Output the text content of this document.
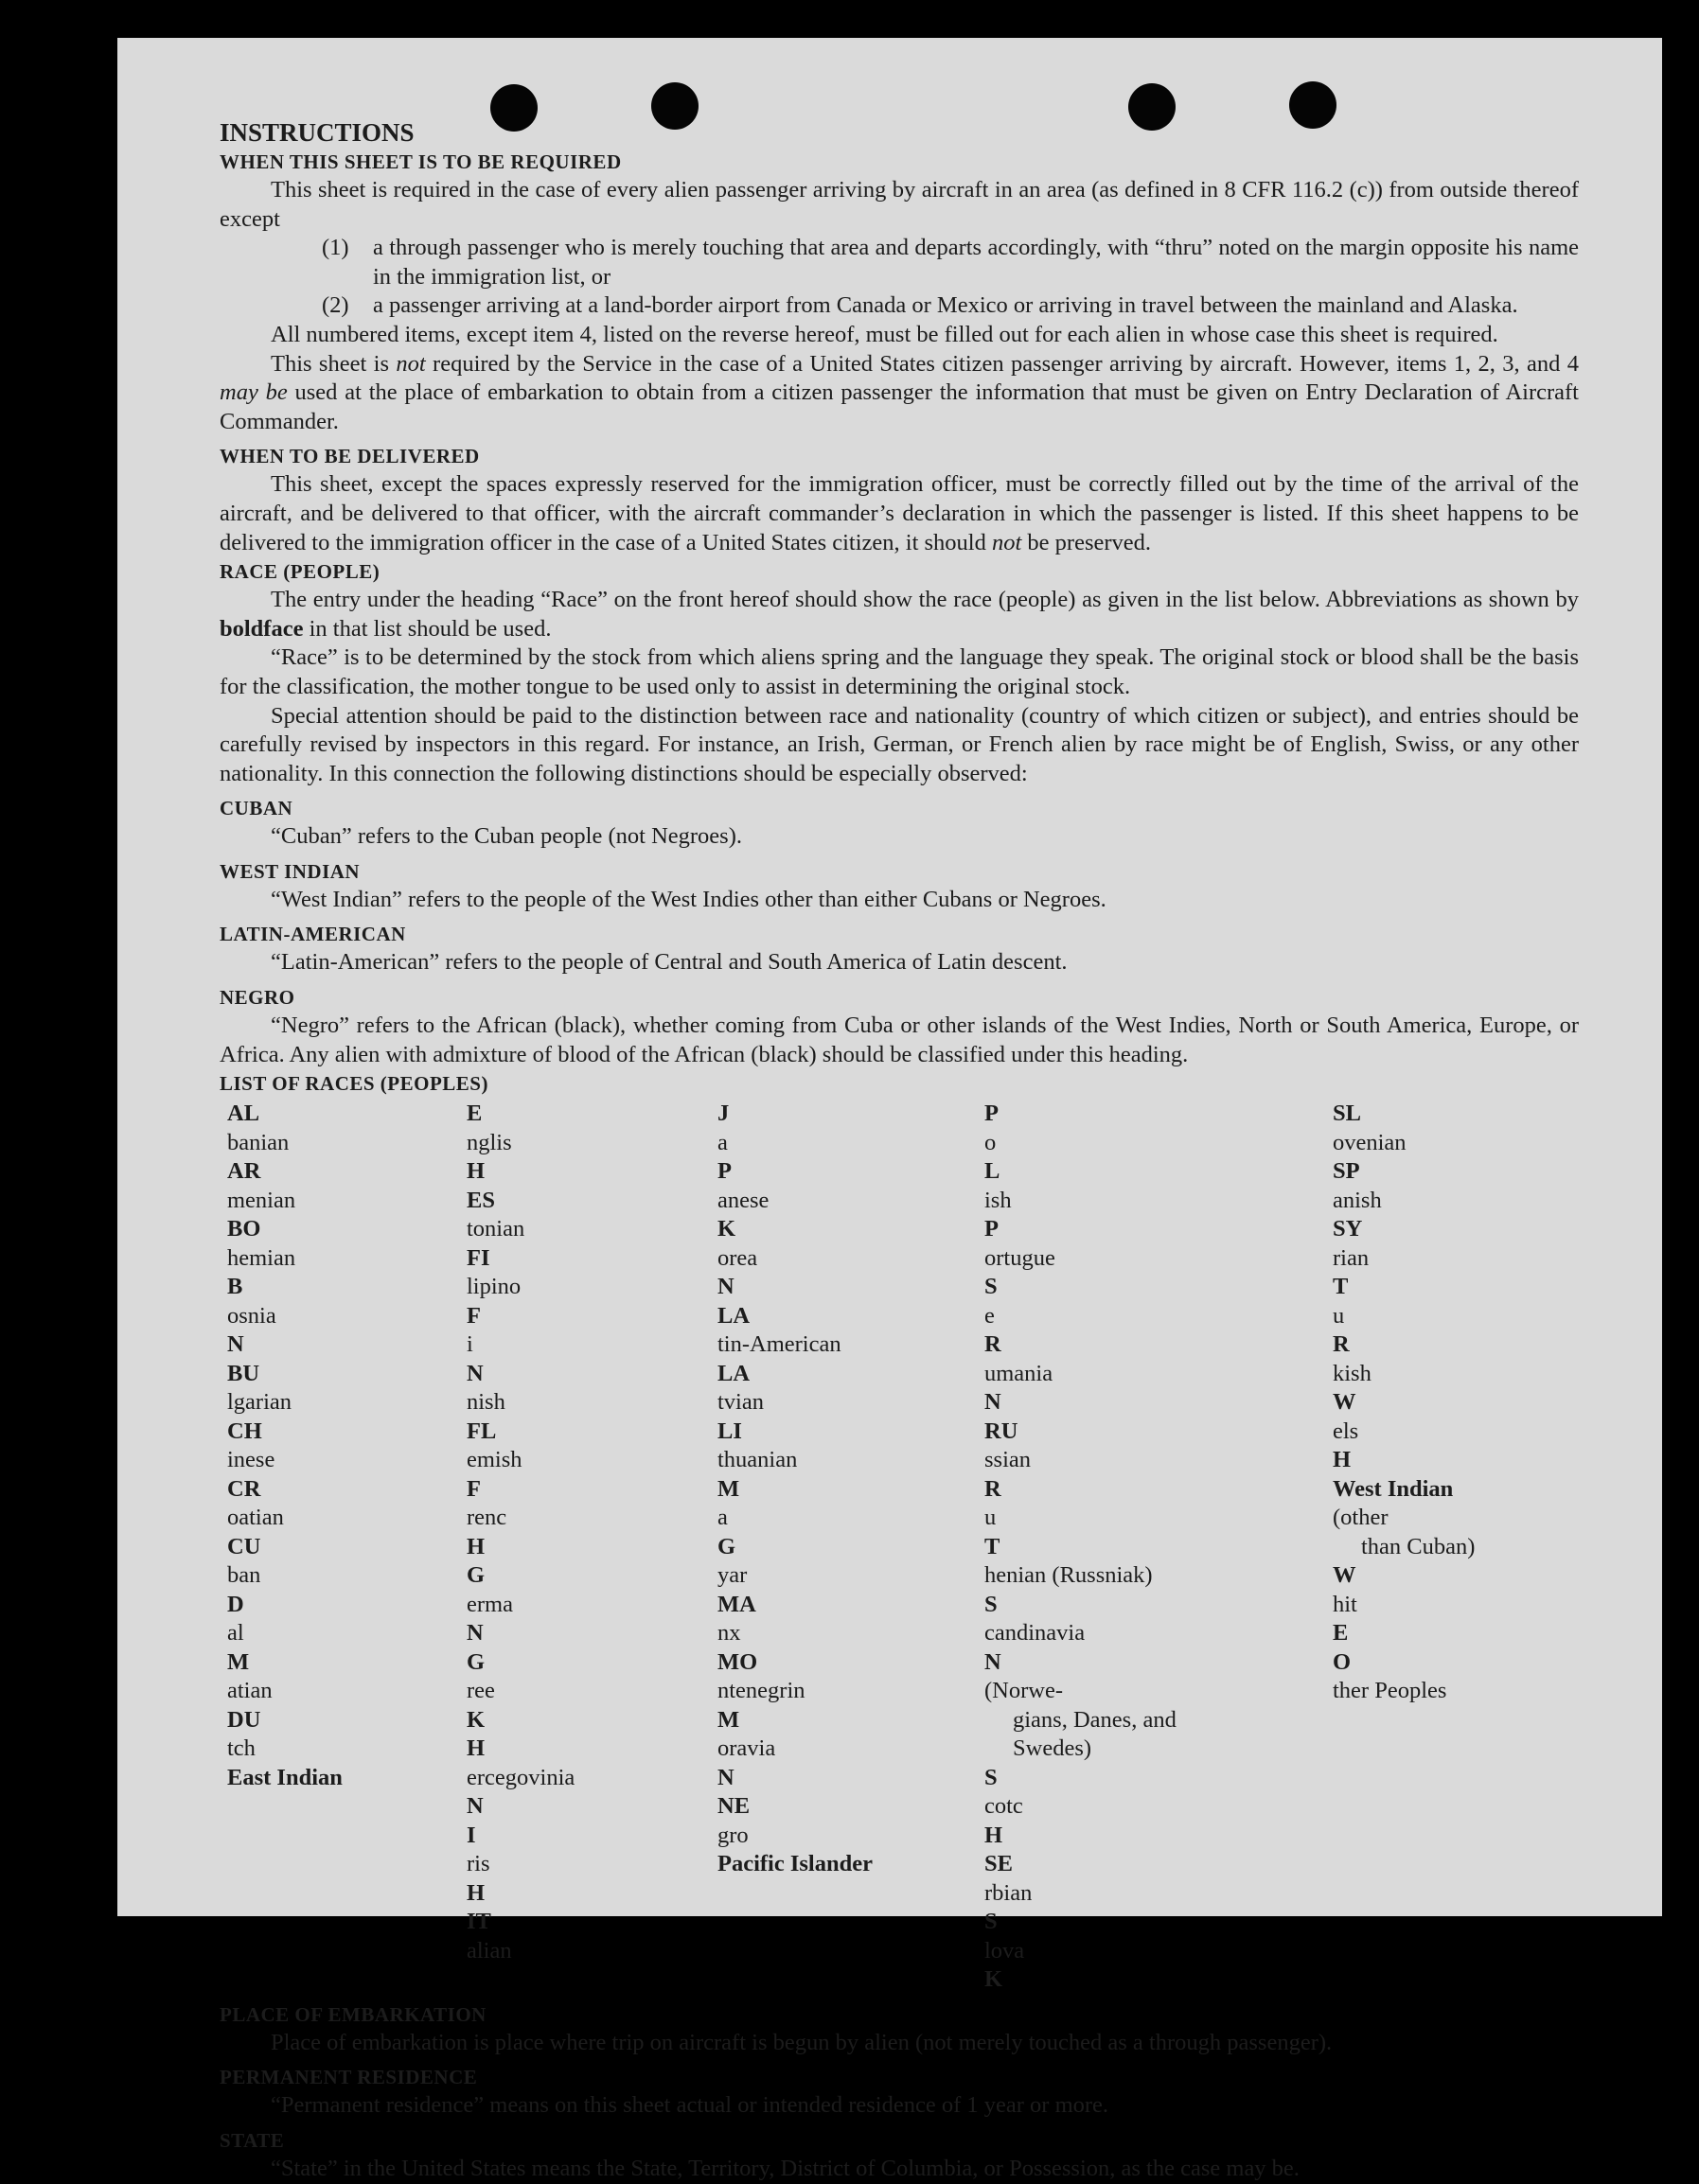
INSTRUCTIONS

WHEN THIS SHEET IS TO BE REQUIRED

This sheet is required in the case of every alien passenger arriving by aircraft in an area (as defined in 8 CFR 116.2 (c)) from outside thereof except

(1)	a through passenger who is merely touching that area and departs accordingly, with “thru” noted on the margin opposite his name in the immigration list, or
(2)	a passenger arriving at a land-border airport from Canada or Mexico or arriving in travel between the mainland and Alaska.

All numbered items, except item 4, listed on the reverse hereof, must be filled out for each alien in whose case this sheet is required.

This sheet is not required by the Service in the case of a United States citizen passenger arriving by aircraft. However, items 1, 2, 3, and 4 may be used at the place of embarkation to obtain from a citizen passenger the information that must be given on Entry Declaration of Aircraft Commander.

WHEN TO BE DELIVERED

This sheet, except the spaces expressly reserved for the immigration officer, must be correctly filled out by the time of the arrival of the aircraft, and be delivered to that officer, with the aircraft commander’s declaration in which the passenger is listed. If this sheet happens to be delivered to the immigration officer in the case of a United States citizen, it should not be preserved.

RACE (PEOPLE)

The entry under the heading “Race” on the front hereof should show the race (people) as given in the list below. Abbreviations as shown by boldface in that list should be used.

“Race” is to be determined by the stock from which aliens spring and the language they speak. The original stock or blood shall be the basis for the classification, the mother tongue to be used only to assist in determining the original stock.

Special attention should be paid to the distinction between race and nationality (country of which citizen or subject), and entries should be carefully revised by inspectors in this regard. For instance, an Irish, German, or French alien by race might be of English, Swiss, or any other nationality. In this connection the following distinctions should be especially observed:

CUBAN

“Cuban” refers to the Cuban people (not Negroes).

WEST INDIAN

“West Indian” refers to the people of the West Indies other than either Cubans or Negroes.

LATIN-AMERICAN

“Latin-American” refers to the people of Central and South America of Latin descent.

NEGRO

“Negro” refers to the African (black), whether coming from Cuba or other islands of the West Indies, North or South America, Europe, or Africa. Any alien with admixture of blood of the African (black) should be classified under this heading.

LIST OF RACES (PEOPLES)

AL
banian
AR
menian
BO
hemian
B
osnia
N
BU
lgarian
CH
inese
CR
oatian
CU
ban
D
al
M
atian
DU
tch
East Indian
E
nglis
H
ES
tonian
FI
lipino
F
i
N
nish
FL
emish
F
renc
H
G
erma
N
G
ree
K
H
ercegovinia
N
I
ris
H
IT
alian
J
a
P
anese
K
orea
N
LA
tin-American
LA
tvian
LI
thuanian
M
a
G
yar
MA
nx
MO
ntenegrin
M
oravia
N
NE
gro
Pacific Islander
P
o
L
ish
P
ortugue
S
e
R
umania
N
RU
ssian
R
u
T
henian (Russniak)
S
candinavia
N
(Norwe-
gians, Danes, and
Swedes)
S
cotc
H
SE
rbian
S
lova
K
SL
ovenian
SP
anish
SY
rian
T
u
R
kish
W
els
H
West Indian
(other
than Cuban)
W
hit
E
O
ther Peoples

PLACE OF EMBARKATION

Place of embarkation is place where trip on aircraft is begun by alien (not merely touched as a through passenger).

PERMANENT RESIDENCE

“Permanent residence” means on this sheet actual or intended residence of 1 year or more.

STATE

“State” in the United States means the State, Territory, District of Columbia, or Possession, as the case may be.
